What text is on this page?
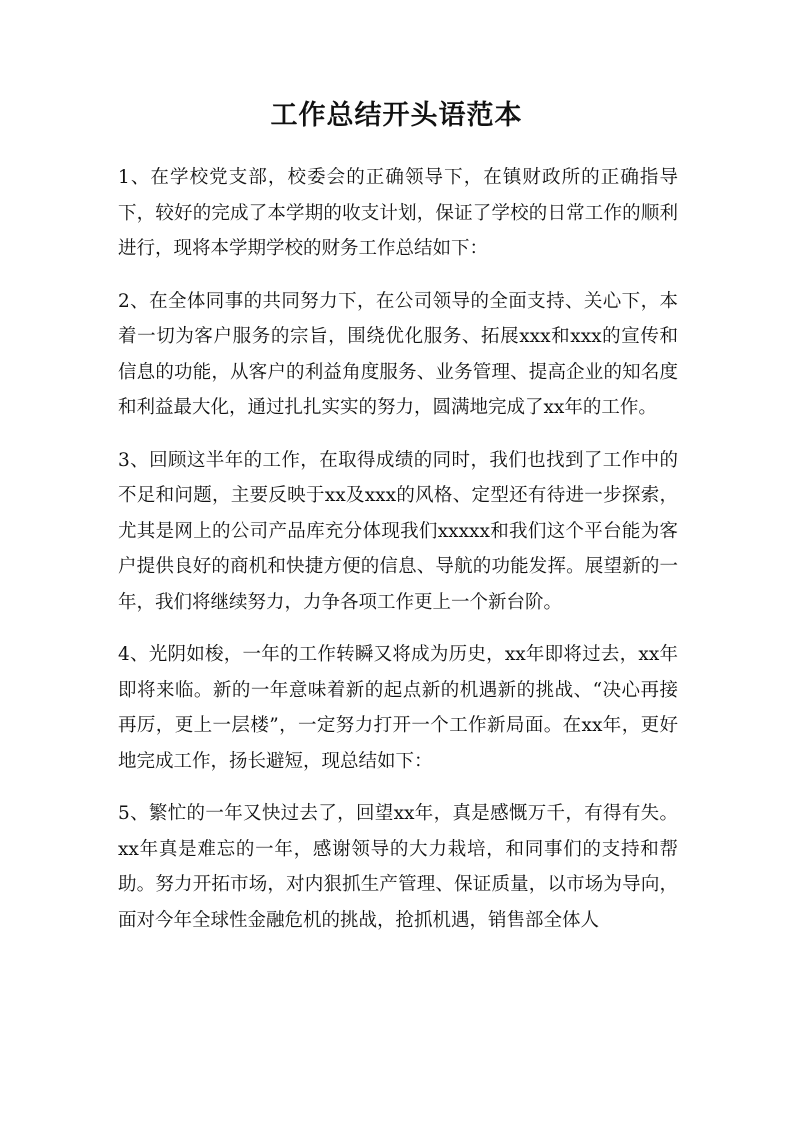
工作总结开头语范本

1、在学校党支部，校委会的正确领导下，在镇财政所的正确指导下，较好的完成了本学期的收支计划，保证了学校的日常工作的顺利进行，现将本学期学校的财务工作总结如下：

2、在全体同事的共同努力下，在公司领导的全面支持、关心下，本着一切为客户服务的宗旨，围绕优化服务、拓展xxx和xxx的宣传和信息的功能，从客户的利益角度服务、业务管理、提高企业的知名度和利益最大化，通过扎扎实实的努力，圆满地完成了xx年的工作。

3、回顾这半年的工作，在取得成绩的同时，我们也找到了工作中的不足和问题，主要反映于xx及xxx的风格、定型还有待进一步探索，尤其是网上的公司产品库充分体现我们xxxxx和我们这个平台能为客户提供良好的商机和快捷方便的信息、导航的功能发挥。展望新的一年，我们将继续努力，力争各项工作更上一个新台阶。

4、光阴如梭，一年的工作转瞬又将成为历史，xx年即将过去，xx年即将来临。新的一年意味着新的起点新的机遇新的挑战、“决心再接再厉，更上一层楼”，一定努力打开一个工作新局面。在xx年，更好地完成工作，扬长避短，现总结如下：

5、繁忙的一年又快过去了，回望xx年，真是感慨万千，有得有失。xx年真是难忘的一年，感谢领导的大力栽培，和同事们的支持和帮助。努力开拓市场，对内狠抓生产管理、保证质量，以市场为导向，面对今年全球性金融危机的挑战，抢抓机遇，销售部全体人
